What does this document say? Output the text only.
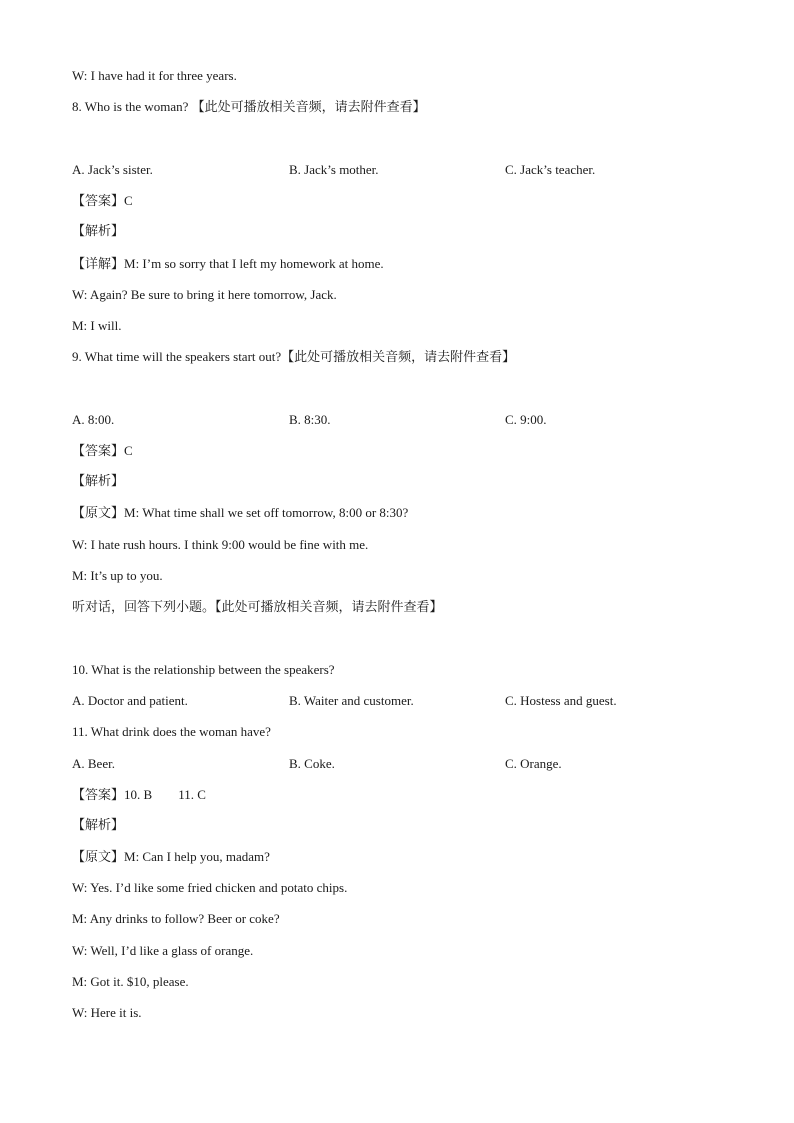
W: I have had it for three years.
8. Who is the woman? 【此处可播放相关音频，请去附件查看】
A. Jack’s sister.	B. Jack’s mother.	C. Jack’s teacher.
【答案】C
【解析】
【详解】M: I’m so sorry that I left my homework at home.
W: Again? Be sure to bring it here tomorrow, Jack.
M: I will.
9. What time will the speakers start out?【此处可播放相关音频，请去附件查看】
A. 8:00.	B. 8:30.	C. 9:00.
【答案】C
【解析】
【原文】M: What time shall we set off tomorrow, 8:00 or 8:30?
W: I hate rush hours. I think 9:00 would be fine with me.
M: It’s up to you.
听对话，回答下列小题。【此处可播放相关音频，请去附件查看】
10. What is the relationship between the speakers?
A. Doctor and patient.	B. Waiter and customer.	C. Hostess and guest.
11. What drink does the woman have?
A. Beer.	B. Coke.	C. Orange.
【答案】10. B 11. C
【解析】
【原文】M: Can I help you, madam?
W: Yes. I’d like some fried chicken and potato chips.
M: Any drinks to follow? Beer or coke?
W: Well, I’d like a glass of orange.
M: Got it. $10, please.
W: Here it is.
